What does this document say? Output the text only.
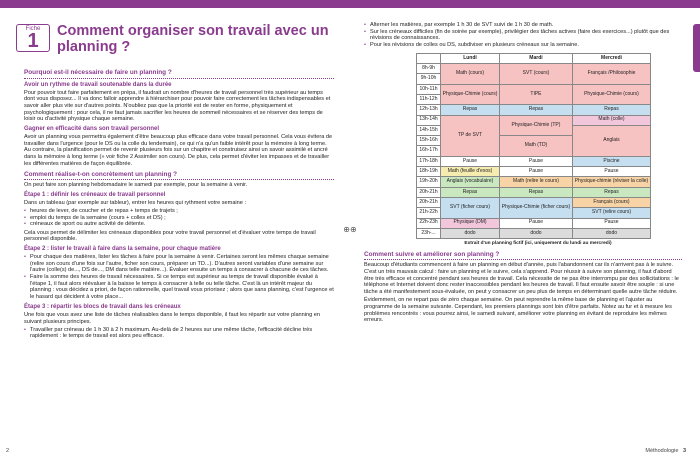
Fiche
1	Comment organiser son travail avec un planning ?
Pourquoi est-il nécessaire de faire un planning ?
Avoir un rythme de travail soutenable dans la durée

Pour pouvoir tout faire parfaitement en prépa, il faudrait un nombre d'heures de travail personnel très supérieur au temps dont vous disposez... Il va donc falloir apprendre à hiérarchiser pour pouvoir faire correctement les tâches indispensables et savoir aller plus vite sur d'autres points. N'oubliez pas que la priorité est de rester en forme, physiquement et psychologiquement : pour cela, il ne faut jamais sacrifier les heures de sommeil nécessaires et se réserver des temps de loisir ou d'activité physique chaque semaine.

Gagner en efficacité dans son travail personnel

Avoir un planning vous permettra également d'être beaucoup plus efficace dans votre travail personnel. Cela vous évitera de travailler dans l'urgence (pour le DS ou la colle du lendemain), ce qui n'a qu'un faible intérêt pour la mémoire à long terme. Au contraire, la planification permet de revenir plusieurs fois sur un chapitre et construisez ainsi un savoir assimilé et ancré dans la mémoire à long terme (» voir fiche 2 Assimiler son cours). De plus, cela permet d'éviter les impasses et de travailler les différentes matières de façon équilibrée.

Comment réalise-t-on concrètement un planning ?

On peut faire son planning hebdomadaire le samedi par exemple, pour la semaine à venir.

Étape 1 : définir les créneaux de travail personnel

Dans un tableau (par exemple sur tableur), entrer les heures qui rythment votre semaine :

• heures de lever, de coucher et de repas + temps de trajets ;
• emploi du temps de la semaine (cours + colles et DS) ;
• créneaux de sport ou autre activité de détente.

Cela vous permet de délimiter les créneaux disponibles pour votre travail personnel et d'évaluer votre temps de travail personnel disponible.

Étape 2 : lister le travail à faire dans la semaine, pour chaque matière
• Pour chaque des matières, lister les tâches à faire pour la semaine à venir. Certaines seront les mêmes chaque semaine (relire son cours d'une fois sur l'autre, ficher son cours, préparer un TD...). D'autres seront variables d'une semaine sur l'autre (colle(s) de..., DS de..., DM dans telle matière...). Évaluer ensuite un temps à consacrer à chacune de ces tâches.
• Faire la somme des heures de travail nécessaires. Si ce temps est supérieur au temps de travail disponible évalué à l'étape 1, il faut alors réévaluer à la baisse le temps à consacrer à telle ou telle tâche. C'est là un intérêt majeur du planning : vous décidez a priori, de façon rationnelle, quel travail vous priorisez ; alors que sans planning, c'est l'urgence et le hasard qui décident à votre place...
Étape 3 : répartir les blocs de travail dans les créneaux

Une fois que vous avez une liste de tâches réalisables dans le temps disponible, il faut les répartir sur votre planning en suivant plusieurs principes.

• Travailler par créneau de 1 h 30 à 2 h maximum. Au-delà de 2 heures sur une même tâche, l'efficacité décline très rapidement : le temps de travail est alors peu efficace.
2
⊕⊕
• Alterner les matières, par exemple 1 h 30 de SVT suivi de 1 h 30 de math.
• Sur les créneaux difficiles (fin de soirée par exemple), privilégier des tâches actives (faire des exercices...) plutôt que des révisions de connaissances.
• Pour les révisions de colles ou DS, subdiviser en plusieurs créneaux sur la semaine.
	Lundi	Mardi	Mercredi
8h-9h	Math (cours)	SVT (cours)	Français /Philosophie
9h-10h			
10h-11h	Physique-Chimie (cours)	TIPE	Physique-Chimie (cours)
11h-12h			
12h-13h	Repas	Repas	Repas
13h-14h	TP de SVT	Physique-Chimie (TP)	Math (colle)
14h-15h			Anglais
15h-16h		Math (TD)	
16h-17h			
17h-18h	Pause	Pause	Piscine
18h-19h	Math (feuille d'exos)	Pause	Pause
19h-20h	Anglais (vocabulaire)	Math (relire le cours)	Physique-chimie (réviser la colle)
20h-21h	Repas	Repas	Repas
20h-21h	SVT (ficher cours)	Physique-Chimie (ficher cours)	Français (cours)
21h-22h			SVT (relire cours)
22h-23h	Physique (DM)	Pause	Pause
23h-...	dodo	dodo	dodo
Extrait d'un planning fictif (ici, uniquement du lundi au mercredi)
Comment suivre et améliorer son planning ?

Beaucoup d'étudiants commencent à faire un planning en début d'année, puis l'abandonnent car ils n'arrivent pas à le suivre. C'est un très mauvais calcul : faire un planning et le suivre, cela s'apprend. Pour réussir à suivre son planning, il faut d'abord être très efficace et concentré pendant ses heures de travail. Cela nécessite de ne pas être interrompu par des sollicitations : le téléphone et Internet doivent donc rester inaccessibles pendant les heures de travail. Il faut ensuite savoir être souple : si une tâche a été manifestement sous-évaluée, on peut y consacrer un peu plus de temps en déterminant quelle autre tâche réduire.

Évidemment, on ne repart pas de zéro chaque semaine. On peut reprendre la même base de planning et l'ajuster au programme de la semaine suivante. Cependant, les premiers plannings sont loin d'être parfaits. Notez au fur et à mesure les problèmes rencontrés : vous pourrez ainsi, le samedi suivant, améliorer votre planning en évitant de reproduire les mêmes erreurs.

Méthodologie 3
